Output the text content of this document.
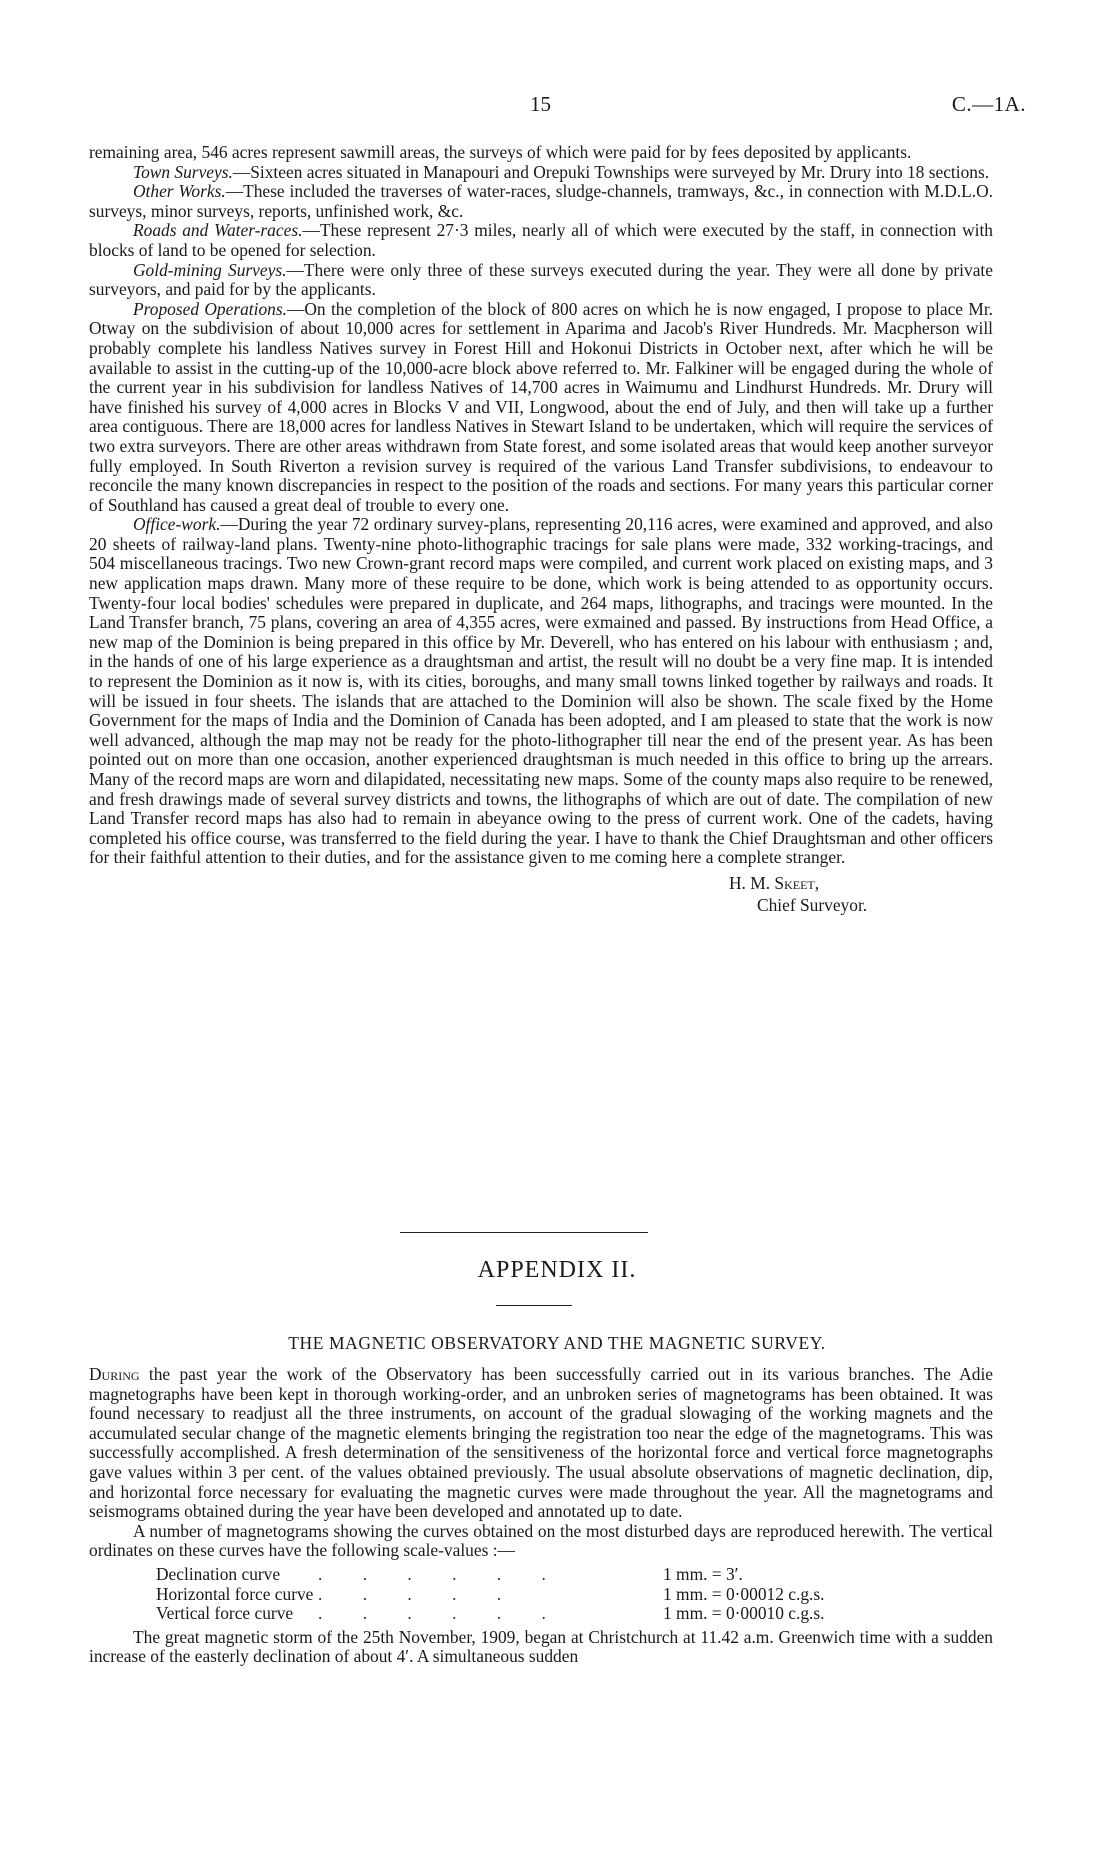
15	C.—1A.

remaining area, 546 acres represent sawmill areas, the surveys of which were paid for by fees deposited by applicants.

Town Surveys.—Sixteen acres situated in Manapouri and Orepuki Townships were surveyed by Mr. Drury into 18 sections.

Other Works.—These included the traverses of water-races, sludge-channels, tramways, &c., in connection with M.D.L.O. surveys, minor surveys, reports, unfinished work, &c.

Roads and Water-races.—These represent 27·3 miles, nearly all of which were executed by the staff, in connection with blocks of land to be opened for selection.

Gold-mining Surveys.—There were only three of these surveys executed during the year. They were all done by private surveyors, and paid for by the applicants.

Proposed Operations.—On the completion of the block of 800 acres on which he is now engaged, I propose to place Mr. Otway on the subdivision of about 10,000 acres for settlement in Aparima and Jacob's River Hundreds. Mr. Macpherson will probably complete his landless Natives survey in Forest Hill and Hokonui Districts in October next, after which he will be available to assist in the cutting-up of the 10,000-acre block above referred to. Mr. Falkiner will be engaged during the whole of the current year in his subdivision for landless Natives of 14,700 acres in Waimumu and Lindhurst Hundreds. Mr. Drury will have finished his survey of 4,000 acres in Blocks V and VII, Longwood, about the end of July, and then will take up a further area contiguous. There are 18,000 acres for landless Natives in Stewart Island to be undertaken, which will require the services of two extra surveyors. There are other areas withdrawn from State forest, and some isolated areas that would keep another surveyor fully employed. In South Riverton a revision survey is required of the various Land Transfer subdivisions, to endeavour to reconcile the many known discrepancies in respect to the position of the roads and sections. For many years this particular corner of Southland has caused a great deal of trouble to every one.

Office-work.—During the year 72 ordinary survey-plans, representing 20,116 acres, were examined and approved, and also 20 sheets of railway-land plans. Twenty-nine photo-lithographic tracings for sale plans were made, 332 working-tracings, and 504 miscellaneous tracings. Two new Crown-grant record maps were compiled, and current work placed on existing maps, and 3 new application maps drawn. Many more of these require to be done, which work is being attended to as opportunity occurs. Twenty-four local bodies' schedules were prepared in duplicate, and 264 maps, lithographs, and tracings were mounted. In the Land Transfer branch, 75 plans, covering an area of 4,355 acres, were exmained and passed. By instructions from Head Office, a new map of the Dominion is being prepared in this office by Mr. Deverell, who has entered on his labour with enthusiasm ; and, in the hands of one of his large experience as a draughtsman and artist, the result will no doubt be a very fine map. It is intended to represent the Dominion as it now is, with its cities, boroughs, and many small towns linked together by railways and roads. It will be issued in four sheets. The islands that are attached to the Dominion will also be shown. The scale fixed by the Home Government for the maps of India and the Dominion of Canada has been adopted, and I am pleased to state that the work is now well advanced, although the map may not be ready for the photo-lithographer till near the end of the present year. As has been pointed out on more than one occasion, another experienced draughtsman is much needed in this office to bring up the arrears. Many of the record maps are worn and dilapidated, necessitating new maps. Some of the county maps also require to be renewed, and fresh drawings made of several survey districts and towns, the lithographs of which are out of date. The compilation of new Land Transfer record maps has also had to remain in abeyance owing to the press of current work. One of the cadets, having completed his office course, was transferred to the field during the year. I have to thank the Chief Draughtsman and other officers for their faithful attention to their duties, and for the assistance given to me coming here a complete stranger.

H. M. Skeet,
Chief Surveyor.
APPENDIX II.
THE MAGNETIC OBSERVATORY AND THE MAGNETIC SURVEY.

During the past year the work of the Observatory has been successfully carried out in its various branches. The Adie magnetographs have been kept in thorough working-order, and an unbroken series of magnetograms has been obtained. It was found necessary to readjust all the three instruments, on account of the gradual slowaging of the working magnets and the accumulated secular change of the magnetic elements bringing the registration too near the edge of the magnetograms. This was successfully accomplished. A fresh determination of the sensitiveness of the horizontal force and vertical force magnetographs gave values within 3 per cent. of the values obtained previously. The usual absolute observations of magnetic declination, dip, and horizontal force necessary for evaluating the magnetic curves were made throughout the year. All the magnetograms and seismograms obtained during the year have been developed and annotated up to date.

A number of magnetograms showing the curves obtained on the most disturbed days are reproduced herewith. The vertical ordinates on these curves have the following scale-values :—

Declination curve	. . . . . .	1 mm. = 3′.
Horizontal force curve	. . . . .	1 mm. = 0·00012 c.g.s.
Vertical force curve	. . . . . .	1 mm. = 0·00010 c.g.s.

The great magnetic storm of the 25th November, 1909, began at Christchurch at 11.42 a.m. Greenwich time with a sudden increase of the easterly declination of about 4′. A simultaneous sudden
